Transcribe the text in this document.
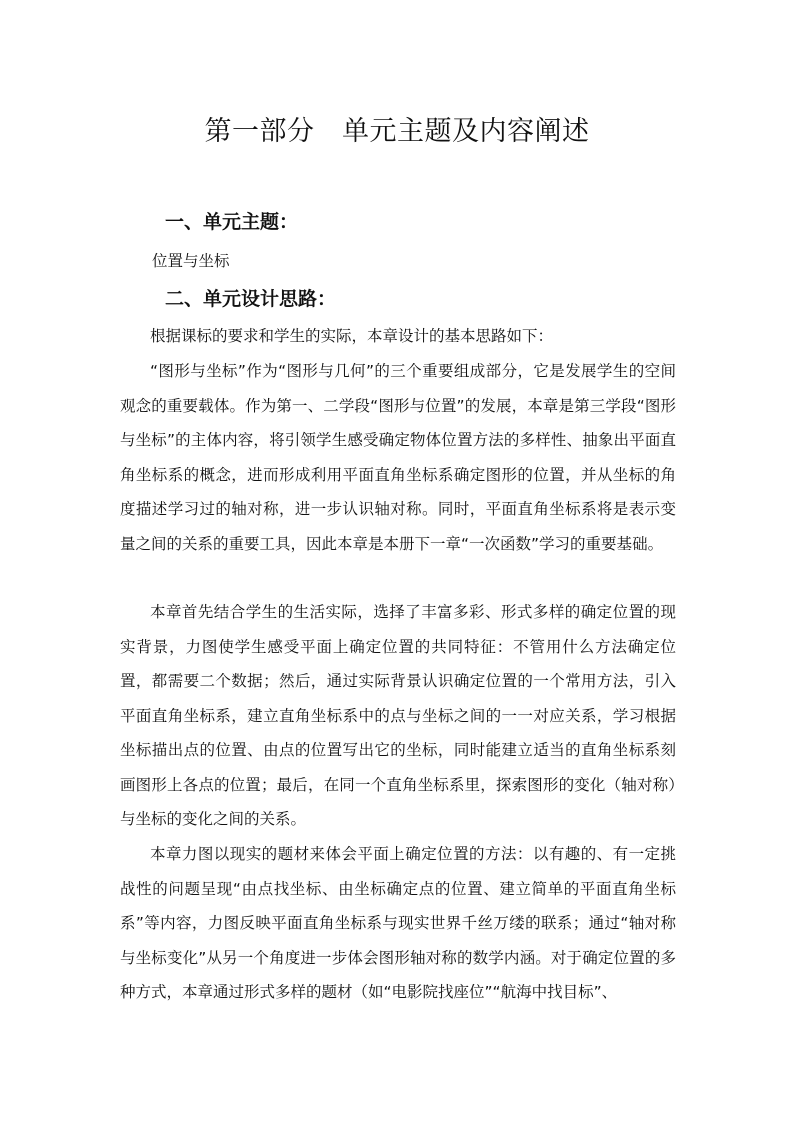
第一部分　单元主题及内容阐述
一、单元主题：
位置与坐标
二、单元设计思路：
根据课标的要求和学生的实际，本章设计的基本思路如下：

“图形与坐标”作为“图形与几何”的三个重要组成部分，它是发展学生的空间观念的重要载体。作为第一、二学段“图形与位置”的发展，本章是第三学段“图形与坐标”的主体内容，将引领学生感受确定物体位置方法的多样性、抽象出平面直角坐标系的概念，进而形成利用平面直角坐标系确定图形的位置，并从坐标的角度描述学习过的轴对称，进一步认识轴对称。同时，平面直角坐标系将是表示变量之间的关系的重要工具，因此本章是本册下一章“一次函数”学习的重要基础。

本章首先结合学生的生活实际，选择了丰富多彩、形式多样的确定位置的现实背景，力图使学生感受平面上确定位置的共同特征：不管用什么方法确定位置，都需要二个数据；然后，通过实际背景认识确定位置的一个常用方法，引入平面直角坐标系，建立直角坐标系中的点与坐标之间的一一对应关系，学习根据坐标描出点的位置、由点的位置写出它的坐标，同时能建立适当的直角坐标系刻画图形上各点的位置；最后，在同一个直角坐标系里，探索图形的变化（轴对称）与坐标的变化之间的关系。

本章力图以现实的题材来体会平面上确定位置的方法：以有趣的、有一定挑战性的问题呈现“由点找坐标、由坐标确定点的位置、建立简单的平面直角坐标系”等内容，力图反映平面直角坐标系与现实世界千丝万缕的联系；通过“轴对称与坐标变化”从另一个角度进一步体会图形轴对称的数学内涵。对于确定位置的多种方式，本章通过形式多样的题材（如“电影院找座位”“航海中找目标”、
